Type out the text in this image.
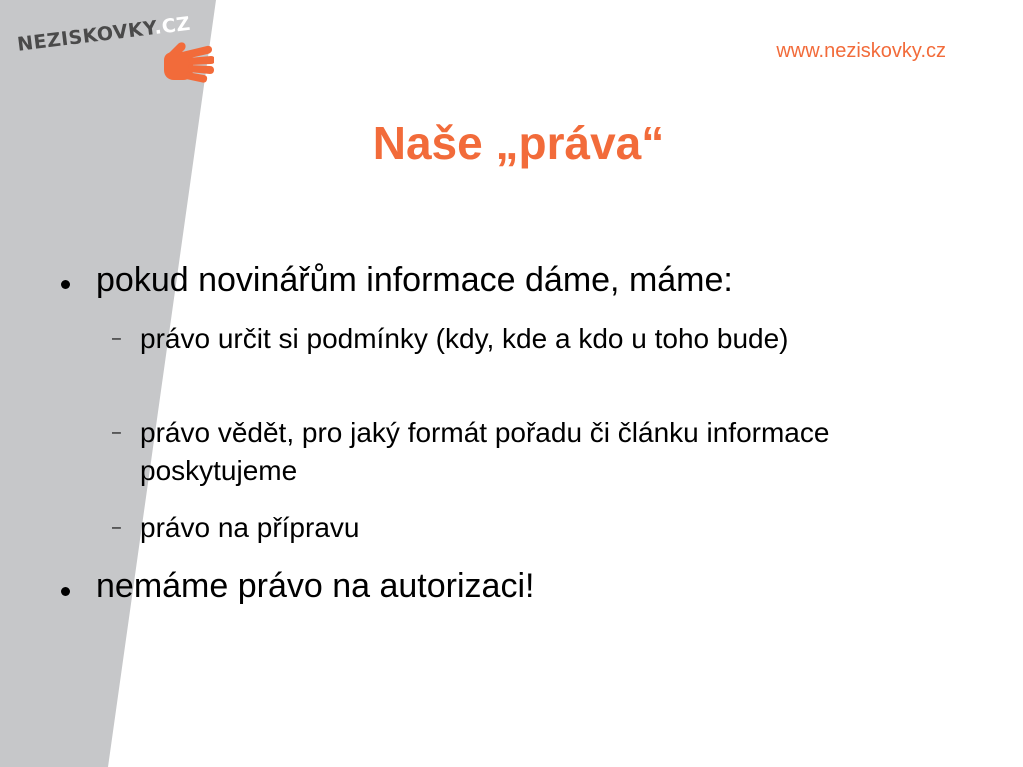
NEZISKOVKY.CZ
www.neziskovky.cz
Naše „práva“
pokud novinářům informace dáme, máme:
– právo určit si podmínky (kdy, kde a kdo u toho bude)
– právo vědět, pro jaký formát pořadu či článku informace poskytujeme
– právo na přípravu
nemáme právo na autorizaci!
